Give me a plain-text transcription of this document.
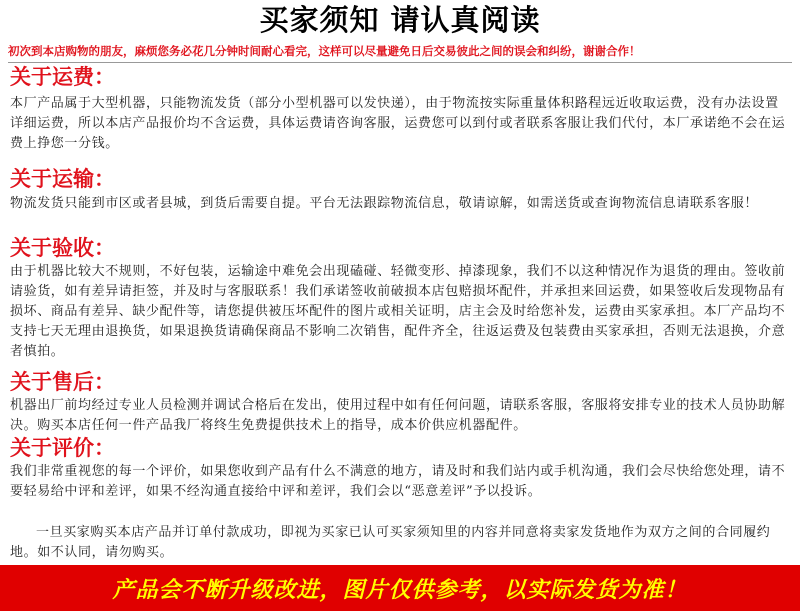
买家须知 请认真阅读
初次到本店购物的朋友，麻烦您务必花几分钟时间耐心看完，这样可以尽量避免日后交易彼此之间的误会和纠纷，谢谢合作！
关于运费：
本厂产品属于大型机器，只能物流发货（部分小型机器可以发快递），由于物流按实际重量体积路程远近收取运费，没有办法设置详细运费，所以本店产品报价均不含运费，具体运费请咨询客服，运费您可以到付或者联系客服让我们代付，本厂承诺绝不会在运费上挣您一分钱。
关于运输：
物流发货只能到市区或者县城，到货后需要自提。平台无法跟踪物流信息，敬请谅解，如需送货或查询物流信息请联系客服！
关于验收：
由于机器比较大不规则，不好包装，运输途中难免会出现磕碰、轻微变形、掉漆现象，我们不以这种情况作为退货的理由。签收前请验货，如有差异请拒签，并及时与客服联系！我们承诺签收前破损本店包赔损坏配件，并承担来回运费，如果签收后发现物品有损坏、商品有差异、缺少配件等，请您提供被压坏配件的图片或相关证明，店主会及时给您补发，运费由买家承担。本厂产品均不支持七天无理由退换货，如果退换货请确保商品不影响二次销售，配件齐全，往返运费及包装费由买家承担，否则无法退换，介意者慎拍。
关于售后：
机器出厂前均经过专业人员检测并调试合格后在发出，使用过程中如有任何问题，请联系客服，客服将安排专业的技术人员协助解决。购买本店任何一件产品我厂将终生免费提供技术上的指导，成本价供应机器配件。
关于评价：
我们非常重视您的每一个评价，如果您收到产品有什么不满意的地方，请及时和我们站内或手机沟通，我们会尽快给您处理，请不要轻易给中评和差评，如果不经沟通直接给中评和差评，我们会以“恶意差评”予以投诉。
一旦买家购买本店产品并订单付款成功，即视为买家已认可买家须知里的内容并同意将卖家发货地作为双方之间的合同履约地。如不认同，请勿购买。
产品会不断升级改进，图片仅供参考，以实际发货为准！
